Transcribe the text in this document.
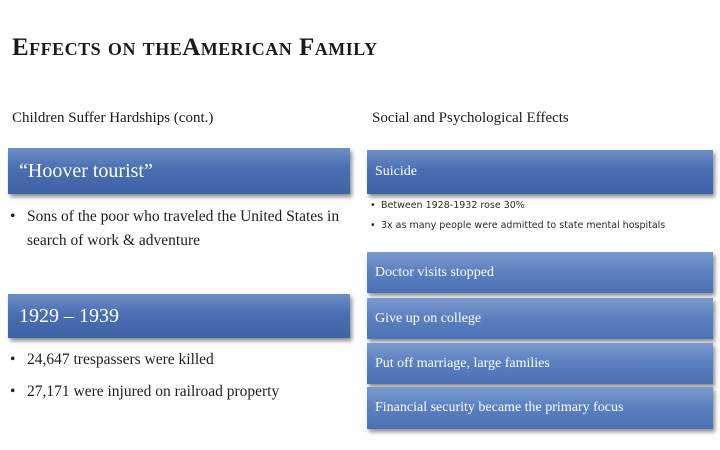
Effects on theAmerican Family
Children Suffer Hardships (cont.)
“Hoover tourist”
• Sons of the poor who traveled the United States in search of work & adventure
1929 – 1939
• 24,647 trespassers were killed
• 27,171 were injured on railroad property
Social and Psychological Effects
Suicide
• Between 1928-1932 rose 30%
• 3x as many people were admitted to state mental hospitals
Doctor visits stopped
Give up on college
Put off marriage, large families
Financial security became the primary focus
